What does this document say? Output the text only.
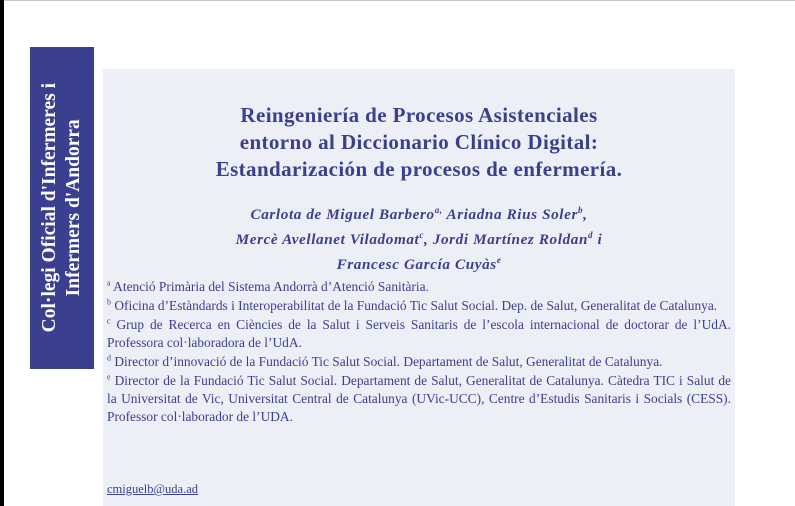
Col·legi Oficial d'Infermeres i Infermers d'Andorra
Reingeniería de Procesos Asistenciales
entorno al Diccionario Clínico Digital:
Estandarización de procesos de enfermería.
Carlota de Miguel Barbero$^{a,}$ Ariadna Rius Soler$^b$,
Mercè Avellanet Viladomat$^c$, Jordi Martínez Roldan$^d$ i
Francesc García Cuyàs$^e$
$^a$ Atenció Primària del Sistema Andorrà d’Atenció Sanitària.
$^b$ Oficina d’Estàndards i Interoperabilitat de la Fundació Tic Salut Social. Dep. de Salut, Generalitat de Catalunya.
$^c$ Grup de Recerca en Ciències de la Salut i Serveis Sanitaris de l’escola internacional de doctorar de l’UdA. Professora col·laboradora de l’UdA.
$^d$ Director d’innovació de la Fundació Tic Salut Social. Departament de Salut, Generalitat de Catalunya.
$^e$ Director de la Fundació Tic Salut Social. Departament de Salut, Generalitat de Catalunya. Càtedra TIC i Salut de la Universitat de Vic, Universitat Central de Catalunya (UVic-UCC), Centre d’Estudis Sanitaris i Socials (CESS). Professor col·laborador de l’UDA.
cmiguelb@uda.ad
